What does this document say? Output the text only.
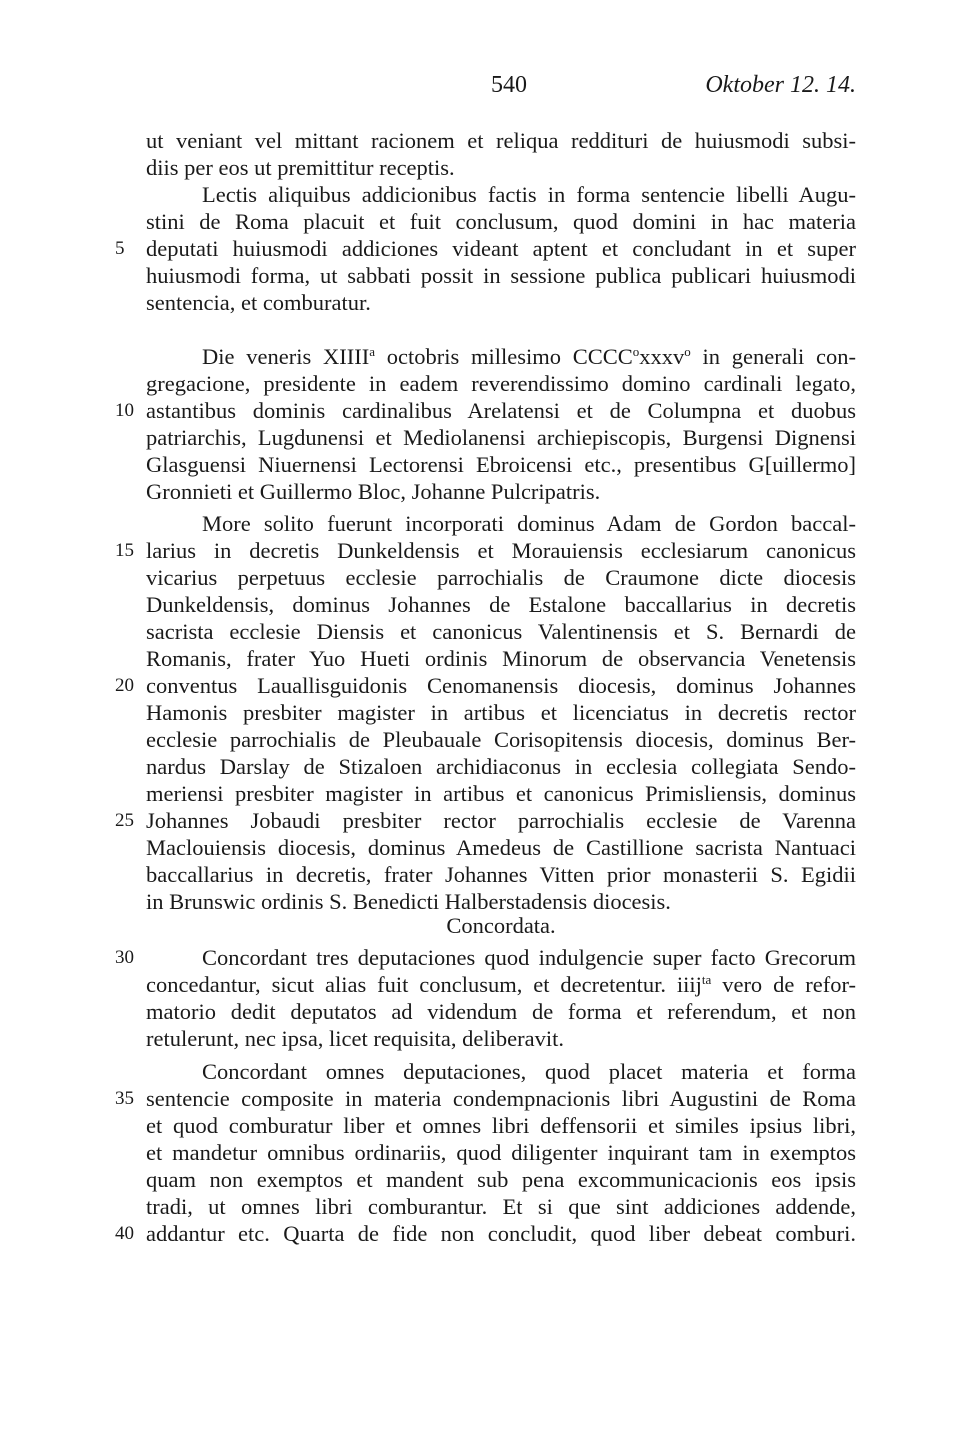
540	Oktober 12. 14.
ut veniant vel mittant racionem et reliqua redditurі de huiusmodi subsi-
diis per eos ut premittitur receptis.
Lectis aliquibus addicionibus factis in forma sentencie libelli Augu-
stini de Roma placuit et fuit conclusum, quod domini in hac materia
deputati huiusmodi addiciones videant aptent et concludant in et super
huiusmodi forma, ut sabbati possit in sessione publica publicari huiusmodi
sentencia, et comburatur.
Die veneris XIIII$^a$ octobris millesimo CCCC$^o$xxxv$^o$ in generali con-
gregacione, presidente in eadem reverendissimo domino cardinali legato,
astantibus dominis cardinalibus Arelatensi et de Columpna et duobus
patriarchis, Lugdunensi et Mediolanensi archiepiscopis, Burgensi Dignensi
Glasguensi Niuernensi Lectorensi Ebroicensi etc., presentibus G[uillermo]
Gronnieti et Guillermo Bloc, Johanne Pulcripatris.
More solito fuerunt incorporati dominus Adam de Gordon baccal-
larius in decretis Dunkeldensis et Morauiensis ecclesiarum canonicus
vicarius perpetuus ecclesie parrochialis de Craumone dicte diocesis
Dunkeldensis, dominus Johannes de Estalone baccallarius in decretis
sacrista ecclesie Diensis et canonicus Valentinensis et S. Bernardi de
Romanis, frater Yuo Hueti ordinis Minorum de observancia Venetensis
conventus Lauallisguidonis Cenomanensis diocesis, dominus Johannes
Hamonis presbiter magister in artibus et licenciatus in decretis rector
ecclesie parrochialis de Pleubauale Corisopitensis diocesis, dominus Ber-
nardus Darslay de Stizaloen archidiaconus in ecclesia collegiata Sendo-
meriensi presbiter magister in artibus et canonicus Primisliensis, dominus
Johannes Jobaudi presbiter rector parrochialis ecclesie de Varenna
Maclouiensis diocesis, dominus Amedeus de Castillione sacrista Nantuaci
baccallarius in decretis, frater Johannes Vitten prior monasterii S. Egidii
in Brunswic ordinis S. Benedicti Halberstadensis diocesis.
Concordata.
Concordant tres deputaciones quod indulgencie super facto Grecorum
concedantur, sicut alias fuit conclusum, et decretentur. iiij$^{ta}$ vero de refor-
matorio dedit deputatos ad videndum de forma et referendum, et non
retulerunt, nec ipsa, licet requisita, deliberavit.
Concordant omnes deputaciones, quod placet materia et forma
sentencie composite in materia condempnacionis libri Augustini de Roma
et quod comburatur liber et omnes libri deffensorii et similes ipsius libri,
et mandetur omnibus ordinariis, quod diligenter inquirant tam in exemptos
quam non exemptos et mandent sub pena excommunicacionis eos ipsis
tradi, ut omnes libri comburantur. Et si que sint addiciones addende,
addantur etc. Quarta de fide non concludit, quod liber debeat comburi.
5
10
15
20
25
30
35
40
